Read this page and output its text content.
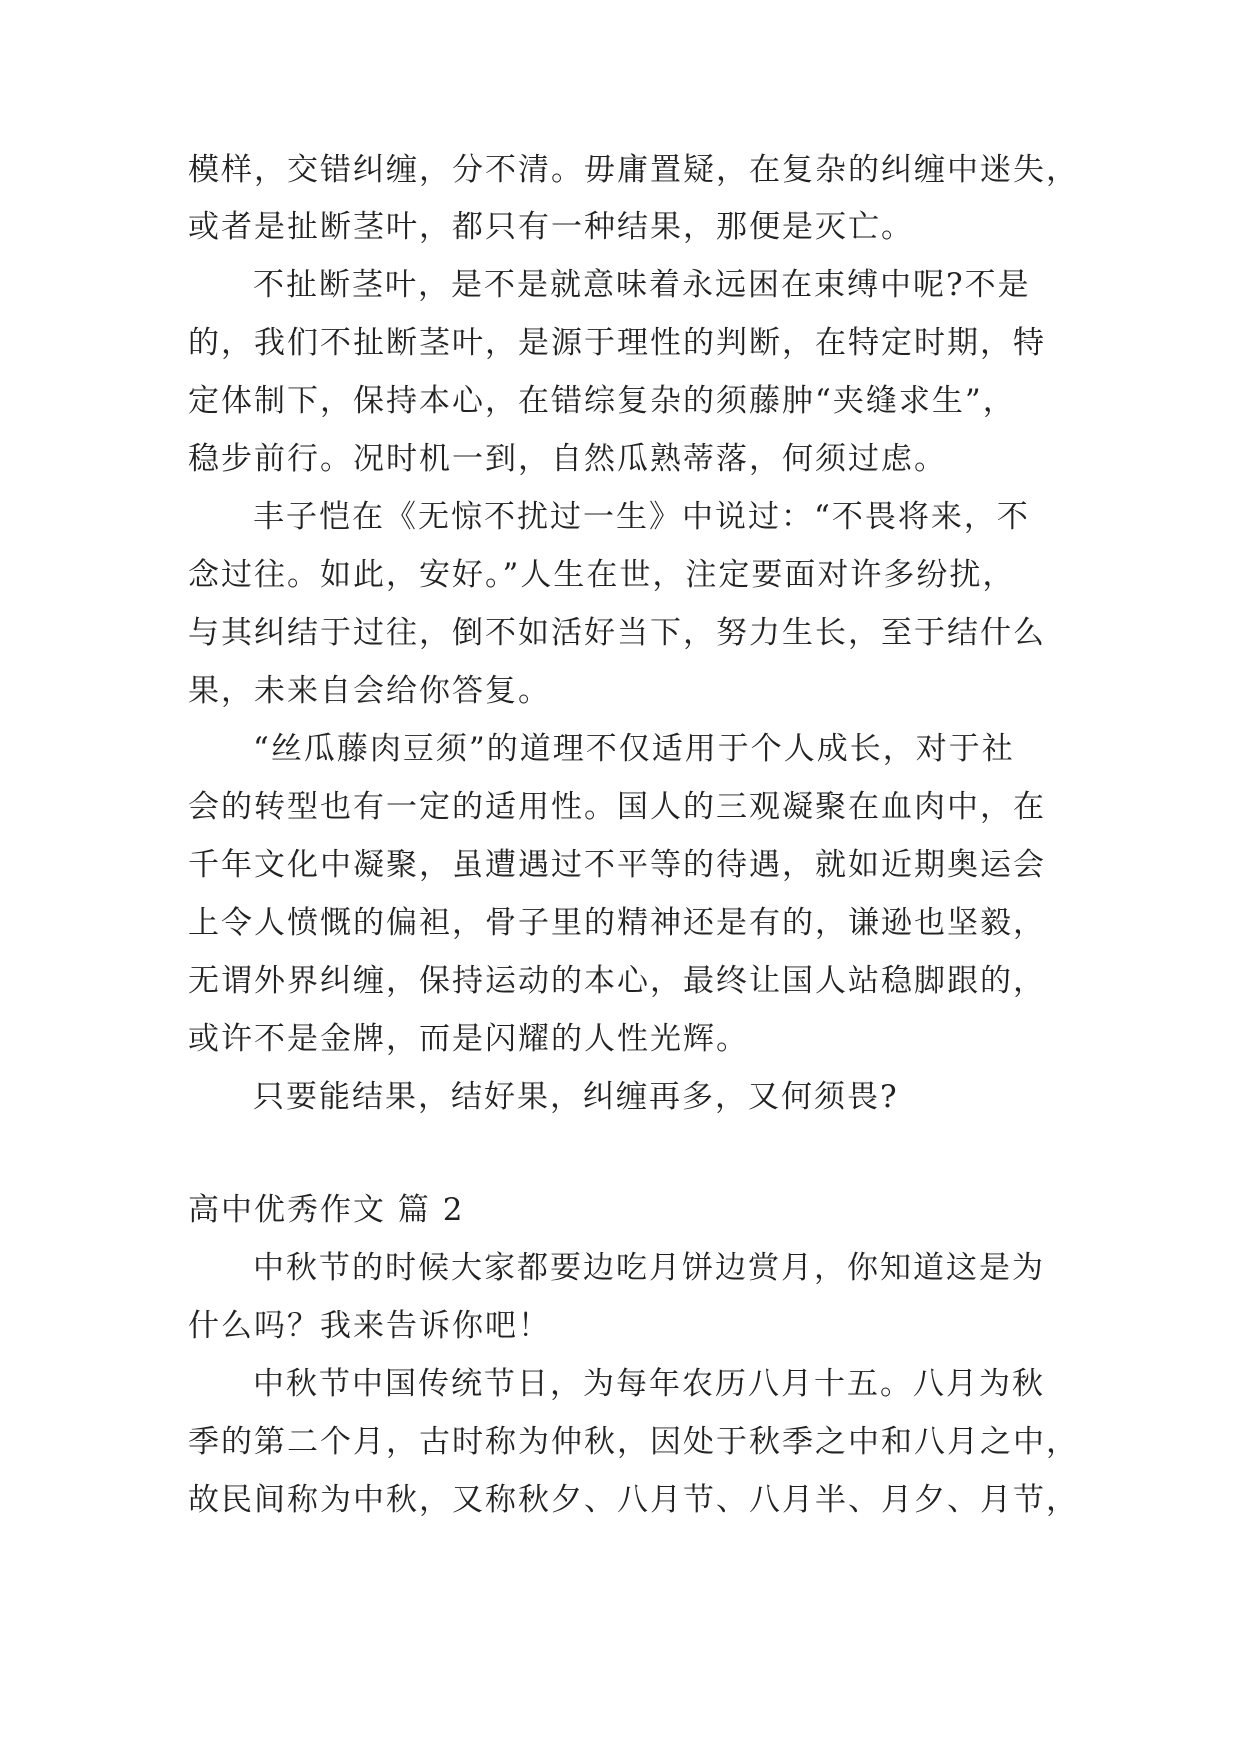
模样，交错纠缠，分不清。毋庸置疑，在复杂的纠缠中迷失，
或者是扯断茎叶，都只有一种结果，那便是灭亡。
不扯断茎叶，是不是就意味着永远困在束缚中呢?不是
的，我们不扯断茎叶，是源于理性的判断，在特定时期，特
定体制下，保持本心，在错综复杂的须藤肿“夹缝求生”，
稳步前行。况时机一到，自然瓜熟蒂落，何须过虑。
丰子恺在《无惊不扰过一生》中说过：“不畏将来，不
念过往。如此，安好。”人生在世，注定要面对许多纷扰，
与其纠结于过往，倒不如活好当下，努力生长，至于结什么
果，未来自会给你答复。
“丝瓜藤肉豆须”的道理不仅适用于个人成长，对于社
会的转型也有一定的适用性。国人的三观凝聚在血肉中，在
千年文化中凝聚，虽遭遇过不平等的待遇，就如近期奥运会
上令人愤慨的偏袒，骨子里的精神还是有的，谦逊也坚毅，
无谓外界纠缠，保持运动的本心，最终让国人站稳脚跟的，
或许不是金牌，而是闪耀的人性光辉。
只要能结果，结好果，纠缠再多，又何须畏?
高中优秀作文 篇 2
中秋节的时候大家都要边吃月饼边赏月，你知道这是为
什么吗？我来告诉你吧！
中秋节中国传统节日，为每年农历八月十五。八月为秋
季的第二个月，古时称为仲秋，因处于秋季之中和八月之中，
故民间称为中秋，又称秋夕、八月节、八月半、月夕、月节，
